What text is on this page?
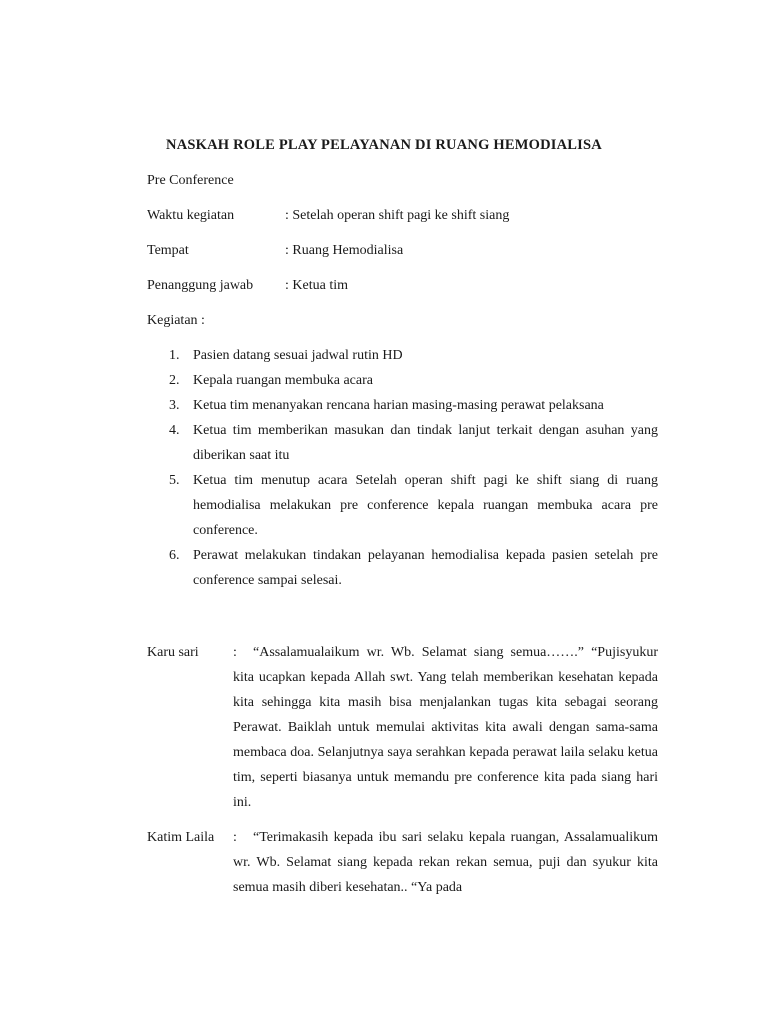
NASKAH ROLE PLAY PELAYANAN DI RUANG HEMODIALISA
Pre Conference
Waktu kegiatan	: Setelah operan shift pagi ke shift siang
Tempat	: Ruang Hemodialisa
Penanggung jawab : Ketua tim
Kegiatan :
1. Pasien datang sesuai jadwal rutin HD
2. Kepala ruangan membuka acara
3. Ketua tim menanyakan rencana harian masing-masing perawat pelaksana
4. Ketua tim memberikan masukan dan tindak lanjut terkait dengan asuhan yang diberikan saat itu
5. Ketua tim menutup acara Setelah operan shift pagi ke shift siang di ruang hemodialisa melakukan pre conference kepala ruangan membuka acara pre conference.
6. Perawat melakukan tindakan pelayanan hemodialisa kepada pasien setelah pre conference sampai selesai.
Karu sari :	“Assalamualaikum wr. Wb. Selamat siang semua…….” “Pujisyukur kita ucapkan kepada Allah swt. Yang telah memberikan kesehatan kepada kita sehingga kita masih bisa menjalankan tugas kita sebagai seorang Perawat. Baiklah untuk memulai aktivitas kita awali dengan sama-sama membaca doa. Selanjutnya saya serahkan kepada perawat laila selaku ketua tim, seperti biasanya untuk memandu pre conference kita pada siang hari ini.
Katim Laila :	“Terimakasih kepada ibu sari selaku kepala ruangan, Assalamualikum wr. Wb. Selamat siang kepada rekan rekan semua, puji dan syukur kita semua masih diberi kesehatan.. “Ya pada
